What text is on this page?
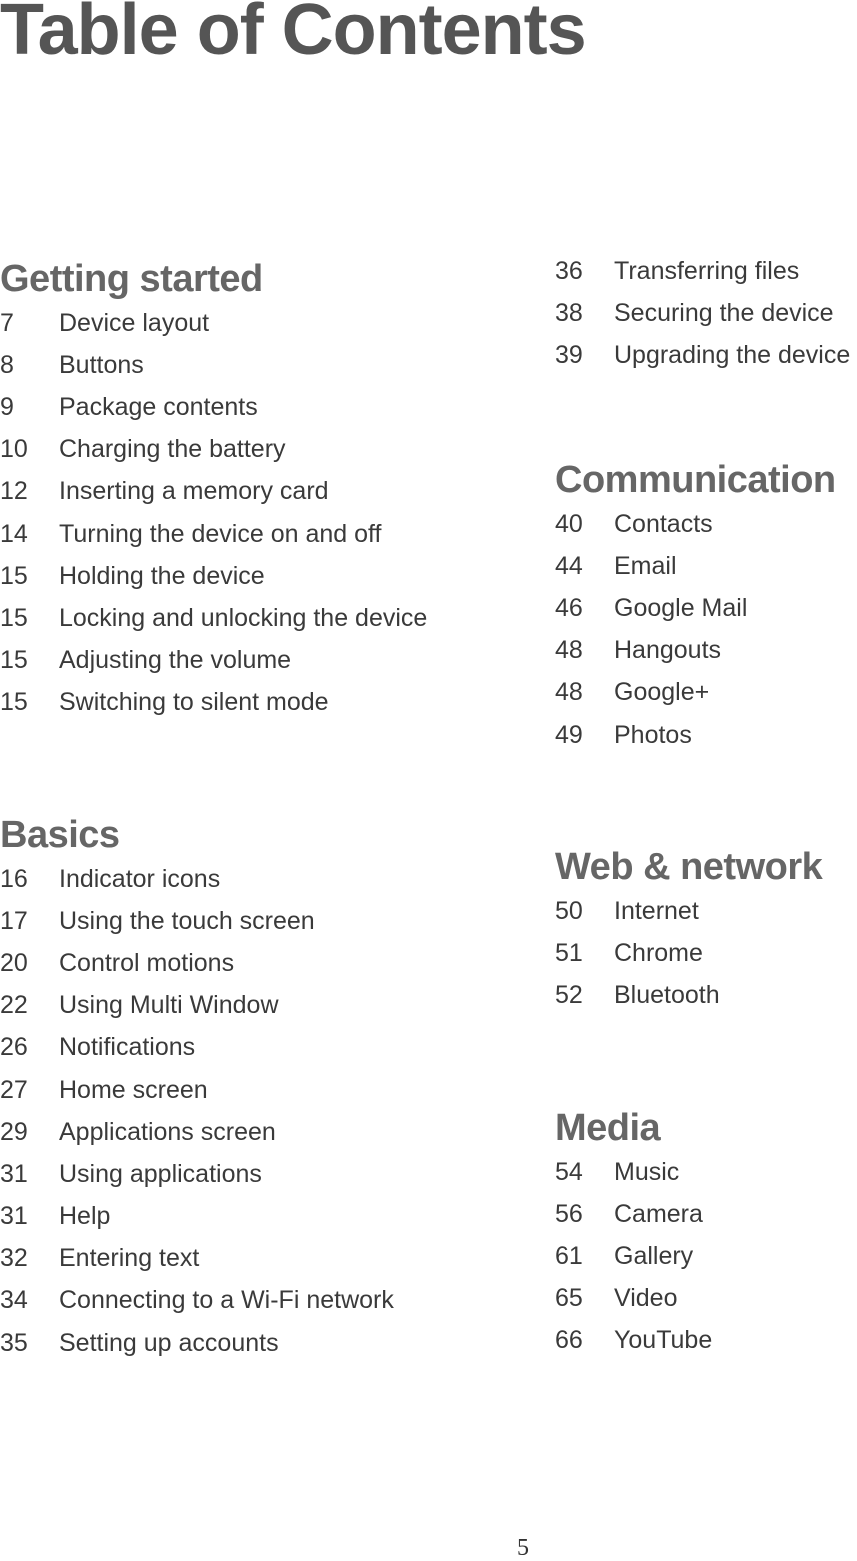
Table of Contents
Getting started
7	Device layout
8	Buttons
9	Package contents
10	Charging the battery
12	Inserting a memory card
14	Turning the device on and off
15	Holding the device
15	Locking and unlocking the device
15	Adjusting the volume
15	Switching to silent mode
Basics
16	Indicator icons
17	Using the touch screen
20	Control motions
22	Using Multi Window
26	Notifications
27	Home screen
29	Applications screen
31	Using applications
31	Help
32	Entering text
34	Connecting to a Wi-Fi network
35	Setting up accounts
36	Transferring files
38	Securing the device
39	Upgrading the device
Communication
40	Contacts
44	Email
46	Google Mail
48	Hangouts
48	Google+
49	Photos
Web & network
50	Internet
51	Chrome
52	Bluetooth
Media
54	Music
56	Camera
61	Gallery
65	Video
66	YouTube
5
